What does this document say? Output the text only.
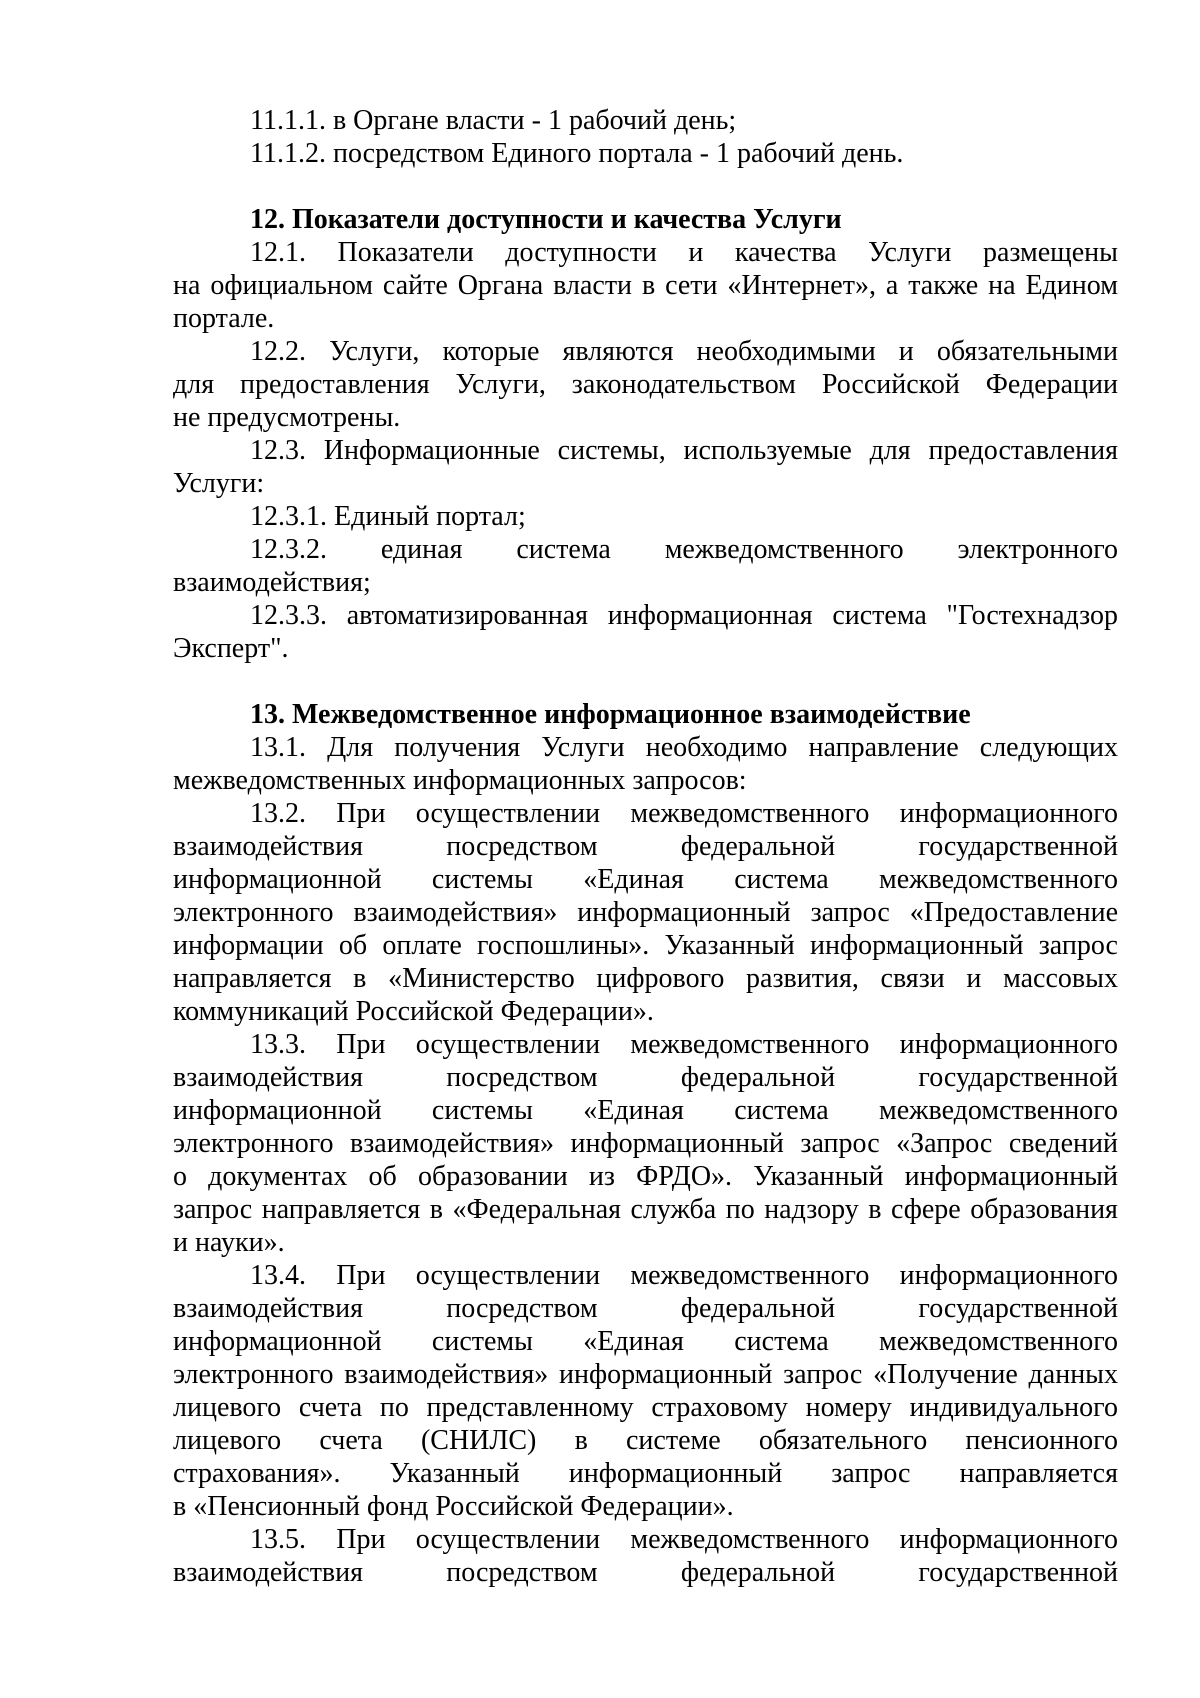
11.1.1. в Органе власти - 1 рабочий день;
11.1.2. посредством Единого портала - 1 рабочий день.
12. Показатели доступности и качества Услуги
12.1. Показатели доступности и качества Услуги размещены
на официальном сайте Органа власти в сети «Интернет», а также на Едином
портале.
12.2. Услуги, которые являются необходимыми и обязательными
для предоставления Услуги, законодательством Российской Федерации
не предусмотрены.
12.3. Информационные системы, используемые для предоставления
Услуги:
12.3.1. Единый портал;
12.3.2. единая система межведомственного электронного
взаимодействия;
12.3.3. автоматизированная информационная система "Гостехнадзор
Эксперт".
13. Межведомственное информационное взаимодействие
13.1. Для получения Услуги необходимо направление следующих
межведомственных информационных запросов:
13.2. При осуществлении межведомственного информационного
взаимодействия	посредством	федеральной	государственной
информационной системы «Единая система межведомственного
электронного взаимодействия» информационный запрос «Предоставление
информации об оплате госпошлины». Указанный информационный запрос
направляется в «Министерство цифрового развития, связи и массовых
коммуникаций Российской Федерации».
13.3. При осуществлении межведомственного информационного
взаимодействия	посредством	федеральной	государственной
информационной системы «Единая система межведомственного
электронного взаимодействия» информационный запрос «Запрос сведений
о документах об образовании из ФРДО». Указанный информационный
запрос направляется в «Федеральная служба по надзору в сфере образования
и науки».
13.4. При осуществлении межведомственного информационного
взаимодействия	посредством	федеральной	государственной
информационной системы «Единая система межведомственного
электронного взаимодействия» информационный запрос «Получение данных
лицевого счета по представленному страховому номеру индивидуального
лицевого счета (СНИЛС) в системе обязательного пенсионного
страхования». Указанный информационный запрос направляется
в «Пенсионный фонд Российской Федерации».
13.5. При осуществлении межведомственного информационного
взаимодействия	посредством	федеральной	государственной
